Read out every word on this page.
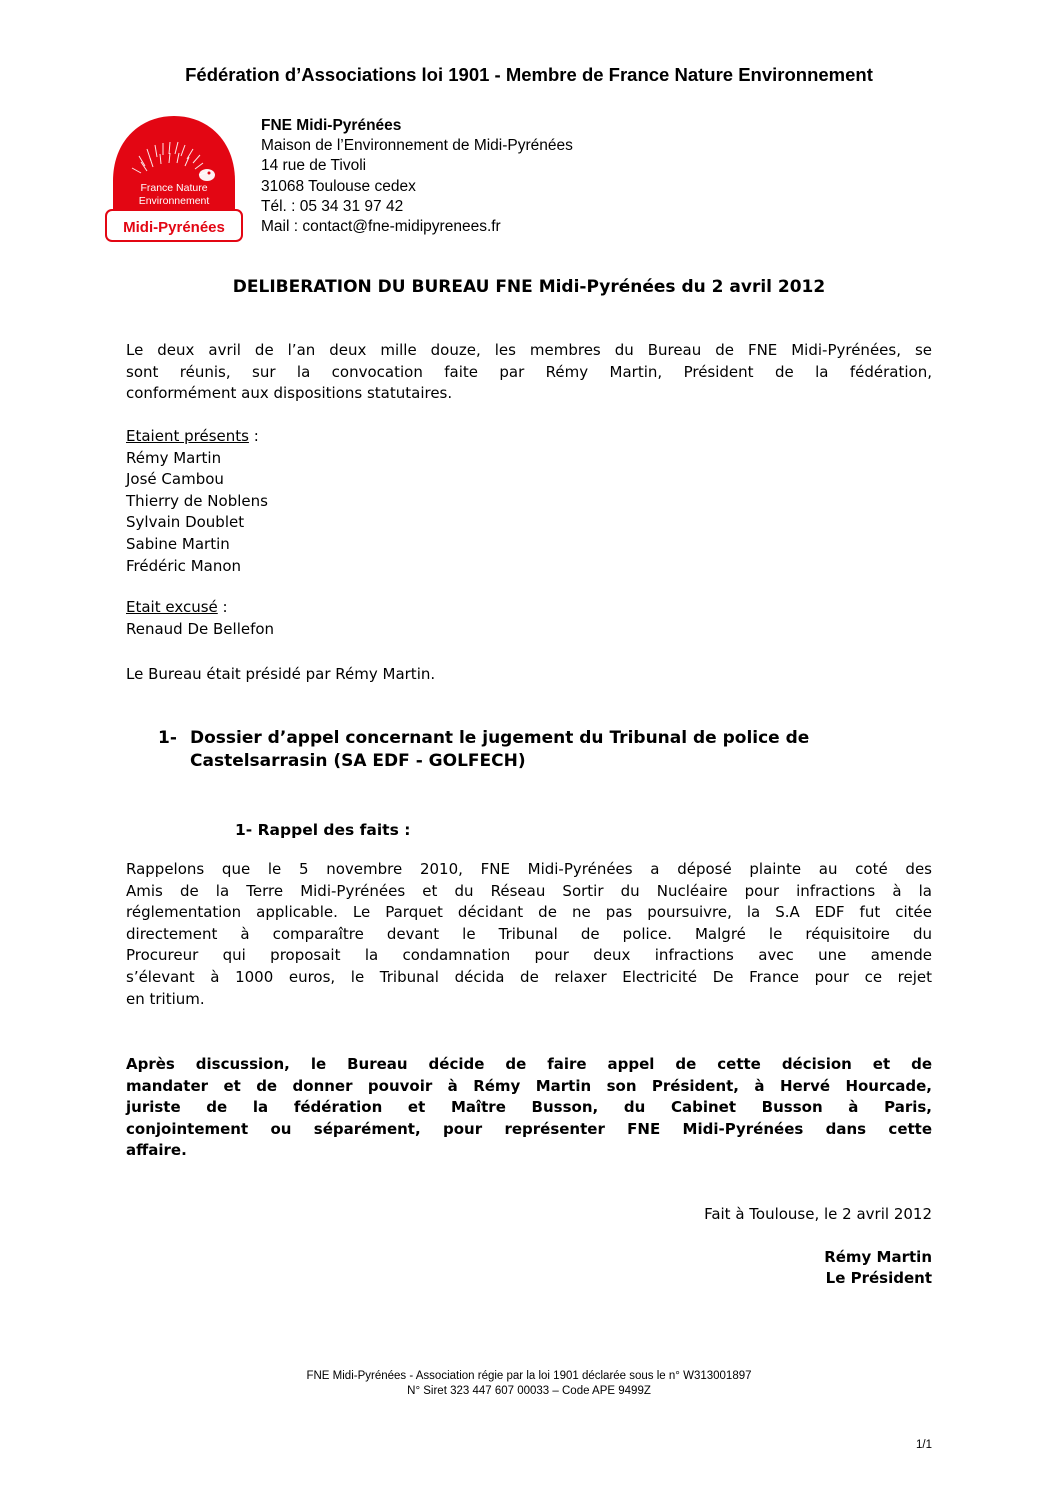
Fédération d’Associations loi 1901 - Membre de France Nature Environnement
France Nature
Environnement
Midi-Pyrénées
FNE Midi-Pyrénées
Maison de l’Environnement de Midi-Pyrénées
14 rue de Tivoli
31068 Toulouse cedex
Tél. : 05 34 31 97 42
Mail : contact@fne-midipyrenees.fr
DELIBERATION DU BUREAU FNE Midi-Pyrénées du 2 avril 2012
Le deux avril de l’an deux mille douze, les membres du Bureau de FNE Midi-Pyrénées, se
sont réunis, sur la convocation faite par Rémy Martin, Président de la fédération,
conformément aux dispositions statutaires.
Etaient présents :
Rémy Martin
José Cambou
Thierry de Noblens
Sylvain Doublet
Sabine Martin
Frédéric Manon
Etait excusé :
Renaud De Bellefon
Le Bureau était présidé par Rémy Martin.
1- Dossier d’appel concernant le jugement du Tribunal de police de
Castelsarrasin (SA EDF - GOLFECH)
1- Rappel des faits :
Rappelons que le 5 novembre 2010, FNE Midi-Pyrénées a déposé plainte au coté des
Amis de la Terre Midi-Pyrénées et du Réseau Sortir du Nucléaire pour infractions à la
réglementation applicable. Le Parquet décidant de ne pas poursuivre, la S.A EDF fut citée
directement à comparaître devant le Tribunal de police. Malgré le réquisitoire du
Procureur qui proposait la condamnation pour deux infractions avec une amende
s’élevant à 1000 euros, le Tribunal décida de relaxer Electricité De France pour ce rejet
en tritium.
Après discussion, le Bureau décide de faire appel de cette décision et de
mandater et de donner pouvoir à Rémy Martin son Président, à Hervé Hourcade,
juriste de la fédération et Maître Busson, du Cabinet Busson à Paris,
conjointement ou séparément, pour représenter FNE Midi-Pyrénées dans cette
affaire.
Fait à Toulouse, le 2 avril 2012
Rémy Martin
Le Président
FNE Midi-Pyrénées - Association régie par la loi 1901 déclarée sous le n° W313001897
N° Siret 323 447 607 00033 – Code APE 9499Z
1/1
